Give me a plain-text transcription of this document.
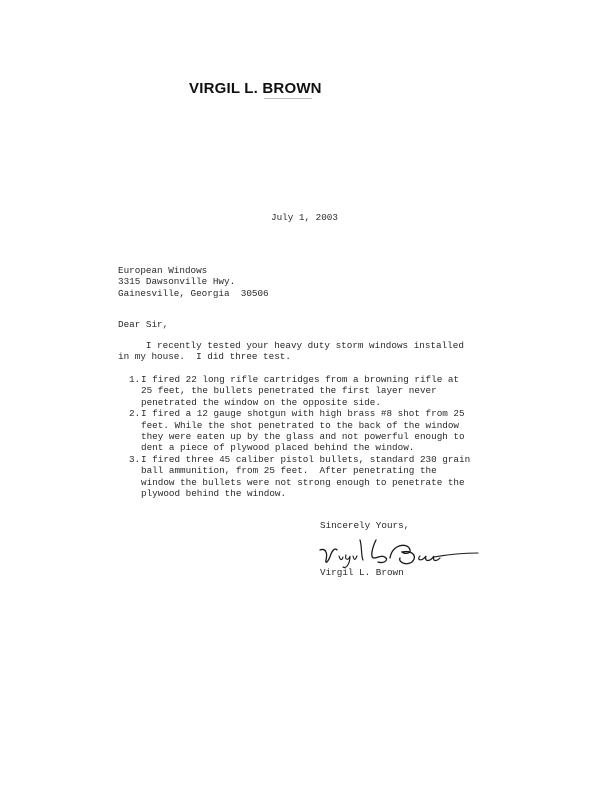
VIRGIL L. BROWN
July 1, 2003
European Windows
3315 Dawsonville Hwy.
Gainesville, Georgia  30506
Dear Sir,
I recently tested your heavy duty storm windows installed
in my house.  I did three test.
1. I fired 22 long rifle cartridges from a browning rifle at
25 feet, the bullets penetrated the first layer never
penetrated the window on the opposite side.
2. I fired a 12 gauge shotgun with high brass #8 shot from 25
feet. While the shot penetrated to the back of the window
they were eaten up by the glass and not powerful enough to
dent a piece of plywood placed behind the window.
3. I fired three 45 caliber pistol bullets, standard 230 grain
ball ammunition, from 25 feet.  After penetrating the
window the bullets were not strong enough to penetrate the
plywood behind the window.
Sincerely Yours,
Virgil L. Brown
